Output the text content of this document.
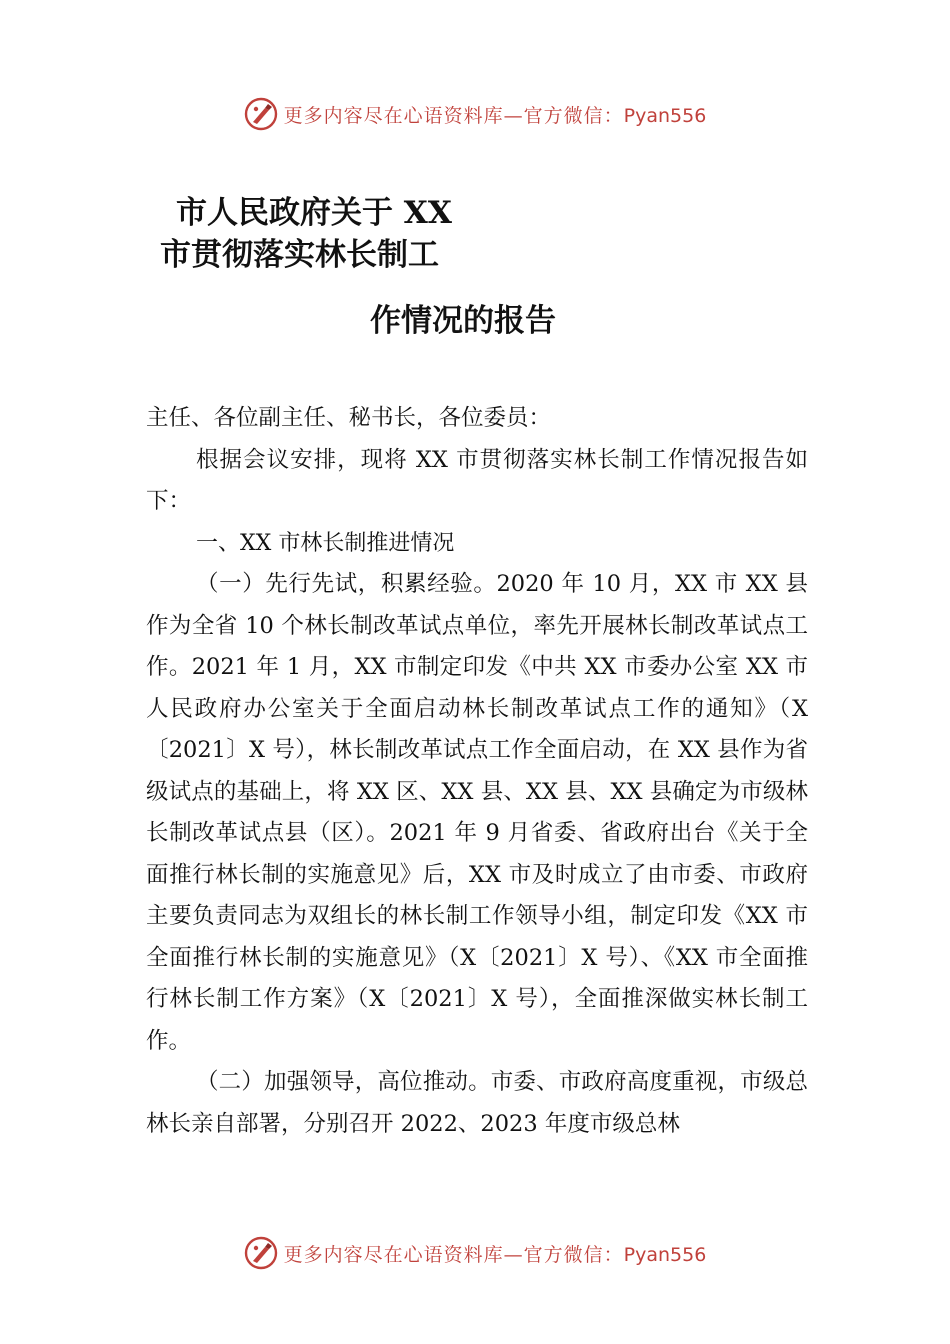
更多内容尽在心语资料库—官方微信：Pyan556
市人民政府关于 XX
市贯彻落实林长制工
作情况的报告

主任、各位副主任、秘书长，各位委员：

根据会议安排，现将 XX 市贯彻落实林长制工作情况报告如下：

一、XX 市林长制推进情况

（一）先行先试，积累经验。2020 年 10 月，XX 市 XX 县作为全省 10 个林长制改革试点单位，率先开展林长制改革试点工作。2021 年 1 月，XX 市制定印发《中共 XX 市委办公室 XX 市人民政府办公室关于全面启动林长制改革试点工作的通知》（X〔2021〕X 号），林长制改革试点工作全面启动，在 XX 县作为省级试点的基础上，将 XX 区、XX 县、XX 县、XX 县确定为市级林长制改革试点县（区）。2021 年 9 月省委、省政府出台《关于全面推行林长制的实施意见》后，XX 市及时成立了由市委、市政府主要负责同志为双组长的林长制工作领导小组，制定印发《XX 市全面推行林长制的实施意见》（X〔2021〕X 号）、《XX 市全面推行林长制工作方案》（X〔2021〕X 号），全面推深做实林长制工作。

（二）加强领导，高位推动。市委、市政府高度重视，市级总林长亲自部署，分别召开 2022、2023 年度市级总林

更多内容尽在心语资料库—官方微信：Pyan556
